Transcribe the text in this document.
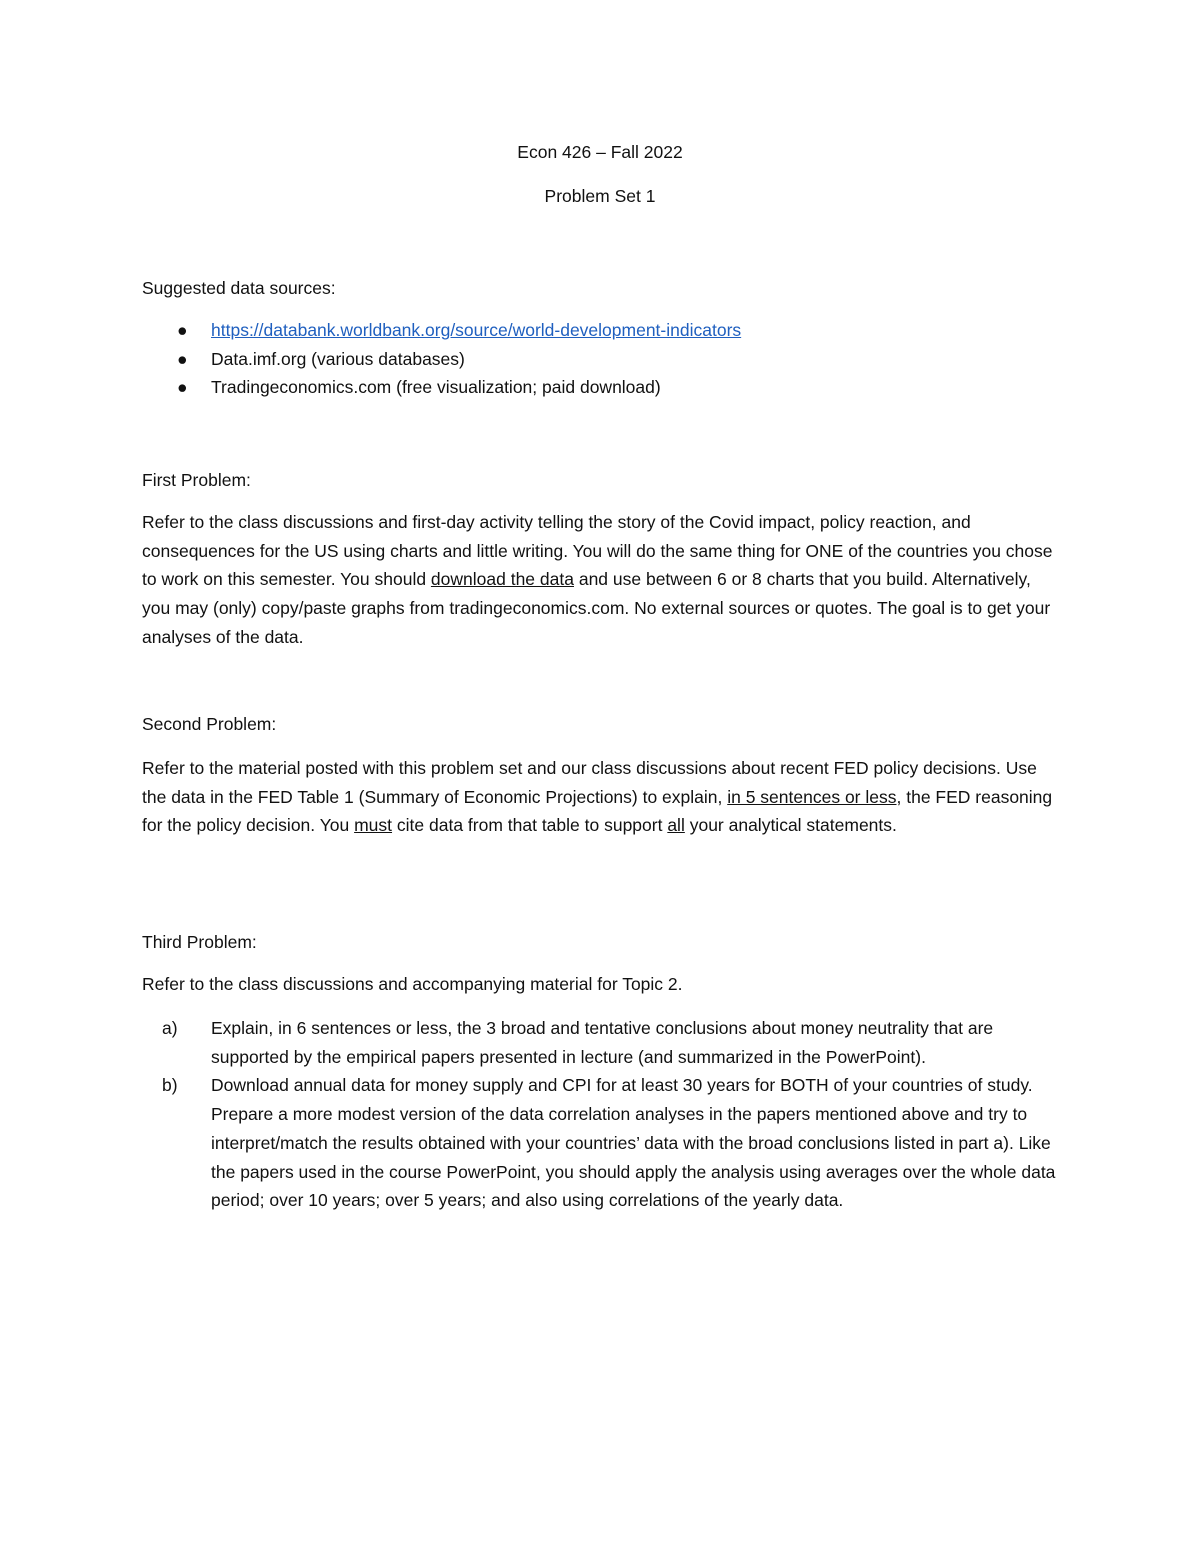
Econ 426 – Fall 2022
Problem Set 1
Suggested data sources:
● https://databank.worldbank.org/source/world-development-indicators
● Data.imf.org (various databases)
● Tradingeconomics.com (free visualization; paid download)
First Problem:
Refer to the class discussions and first-day activity telling the story of the Covid impact, policy reaction, and consequences for the US using charts and little writing. You will do the same thing for ONE of the countries you chose to work on this semester. You should download the data and use between 6 or 8 charts that you build. Alternatively, you may (only) copy/paste graphs from tradingeconomics.com. No external sources or quotes. The goal is to get your analyses of the data.
Second Problem:
Refer to the material posted with this problem set and our class discussions about recent FED policy decisions. Use the data in the FED Table 1 (Summary of Economic Projections) to explain, in 5 sentences or less, the FED reasoning for the policy decision. You must cite data from that table to support all your analytical statements.
Third Problem:
Refer to the class discussions and accompanying material for Topic 2.
a) Explain, in 6 sentences or less, the 3 broad and tentative conclusions about money neutrality that are supported by the empirical papers presented in lecture (and summarized in the PowerPoint).
b) Download annual data for money supply and CPI for at least 30 years for BOTH of your countries of study. Prepare a more modest version of the data correlation analyses in the papers mentioned above and try to interpret/match the results obtained with your countries’ data with the broad conclusions listed in part a). Like the papers used in the course PowerPoint, you should apply the analysis using averages over the whole data period; over 10 years; over 5 years; and also using correlations of the yearly data.
